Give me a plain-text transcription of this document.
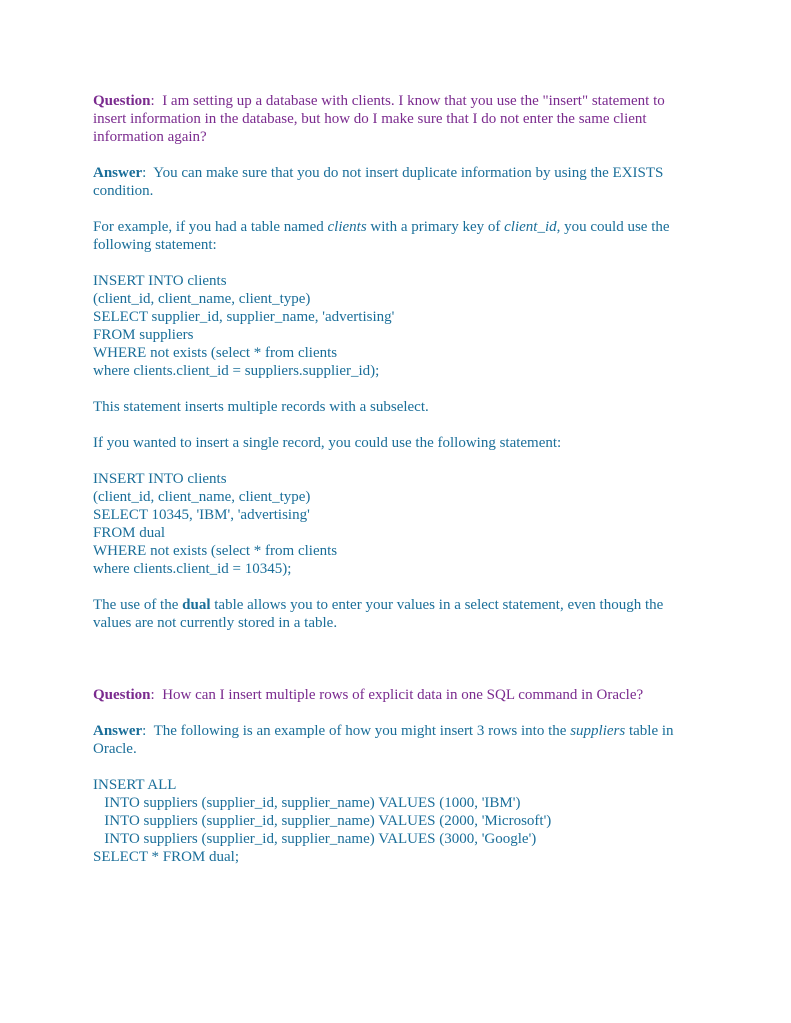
Question:  I am setting up a database with clients. I know that you use the "insert" statement to insert information in the database, but how do I make sure that I do not enter the same client information again?

Answer:  You can make sure that you do not insert duplicate information by using the EXISTS condition.

For example, if you had a table named clients with a primary key of client_id, you could use the following statement:

INSERT INTO clients
(client_id, client_name, client_type)
SELECT supplier_id, supplier_name, 'advertising'
FROM suppliers
WHERE not exists (select * from clients
where clients.client_id = suppliers.supplier_id);

This statement inserts multiple records with a subselect.

If you wanted to insert a single record, you could use the following statement:

INSERT INTO clients
(client_id, client_name, client_type)
SELECT 10345, 'IBM', 'advertising'
FROM dual
WHERE not exists (select * from clients
where clients.client_id = 10345);

The use of the dual table allows you to enter your values in a select statement, even though the values are not currently stored in a table.

Question:  How can I insert multiple rows of explicit data in one SQL command in Oracle?

Answer:  The following is an example of how you might insert 3 rows into the suppliers table in Oracle.

INSERT ALL
INTO suppliers (supplier_id, supplier_name) VALUES (1000, 'IBM')
INTO suppliers (supplier_id, supplier_name) VALUES (2000, 'Microsoft')
INTO suppliers (supplier_id, supplier_name) VALUES (3000, 'Google')
SELECT * FROM dual;
